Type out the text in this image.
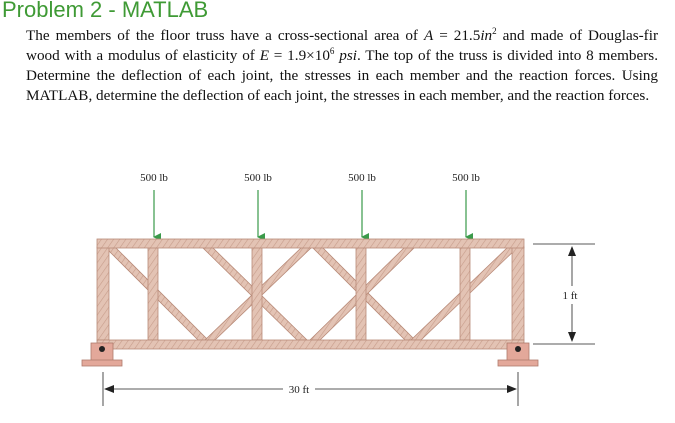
Problem 2 - MATLAB
The members of the floor truss have a cross-sectional area of $A = 21.5in^2$ and made of Douglas-fir wood with a modulus of elasticity of $E = 1.9\times 10^6$ psi. The top of the truss is divided into 8 members. Determine the deflection of each joint, the stresses in each member and the reaction forces. Using MATLAB, determine the deflection of each joint, the stresses in each member, and the reaction forces.
500 lb	500 lb	500 lb	500 lb
1 ft
30 ft
